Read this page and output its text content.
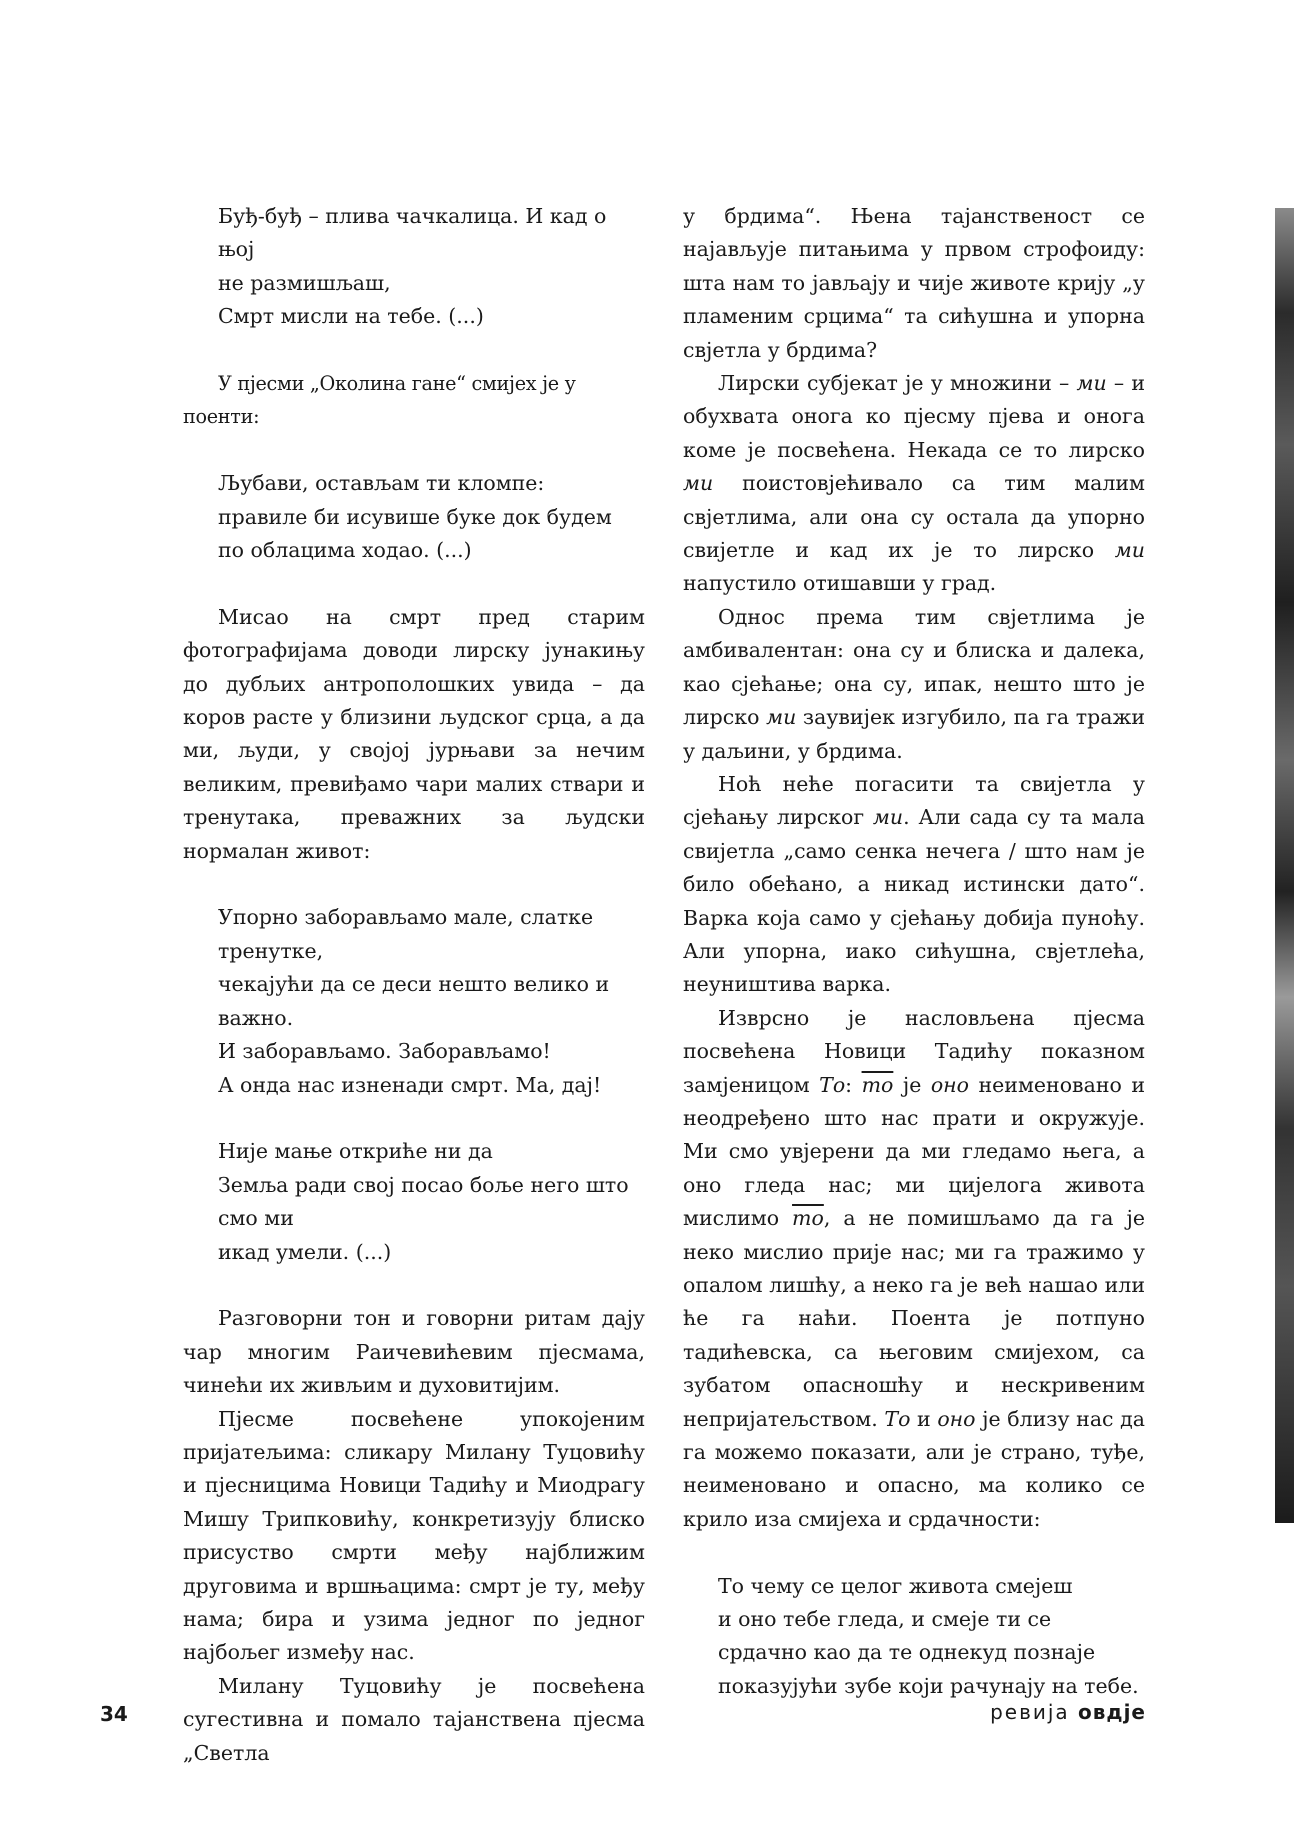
Буђ-буђ – плива чачкалица. И кад о њој
не размишљаш,
Смрт мисли на тебе. (...)
У пјесми „Околина гане“ смијех је у поенти:
Љубави, остављам ти кломпе:
правиле би исувише буке док будем
по облацима ходао. (...)

Мисао на смрт пред старим фотографијама доводи лирску јунакињу до дубљих антрополошких увида – да коров расте у близини људског срца, а да ми, људи, у својој јурњави за нечим великим, превиђамо чари малих ствари и тренутака, преважних за људски нормалан живот:

Упорно заборављамо мале, слатке
тренутке,
чекајући да се деси нешто велико и
важно.
И заборављамо. Заборављамо!
А онда нас изненади смрт. Ма, дај!
Није мање откриће ни да
Земља ради свој посао боље него што
смо ми
икад умели. (...)

Разговорни тон и говорни ритам дају чар многим Раичевићевим пјесмама, чинећи их живљим и духовитијим.

Пјесме посвећене упокојеним пријатељима: сликару Милану Туцовићу и пјесницима Новици Тадићу и Миодрагу Мишу Трипковићу, конкретизују блиско присуство смрти међу најближим друговима и вршњацима: смрт је ту, међу нама; бира и узима једног по једног најбољег између нас.

Милану Туцовићу је посвећена сугестивна и помало тајанствена пјесма „Светла

у брдима“. Њена тајанственост се најављује питањима у првом строфоиду: шта нам то јављају и чије животе крију „у пламеним срцима“ та сићушна и упорна свјетла у брдима?

Лирски субјекат је у множини – ми – и обухвата онога ко пјесму пјева и онога коме је посвећена. Некада се то лирско ми поистовјећивало са тим малим свјетлима, али она су остала да упорно свијетле и кад их је то лирско ми напустило отишавши у град.

Однос према тим свјетлима је амбивалентан: она су и блиска и далека, као сјећање; она су, ипак, нешто што је лирско ми заувијек изгубило, па га тражи у даљини, у брдима.

Ноћ неће погасити та свијетла у сјећању лирског ми. Али сада су та мала свијетла „само сенка нечега / што нам је било обећано, а никад истински дато“. Варка која само у сјећању добија пуноћу. Али упорна, иако сићушна, свјетлећа, неуништива варка.

Изврсно је насловљена пјесма посвећена Новици Тадићу показном замјеницом То: то је оно неименовано и неодређено што нас прати и окружује. Ми смо увјерени да ми гледамо њега, а оно гледа нас; ми цијелога живота мислимо то, а не помишљамо да га је неко мислио прије нас; ми га тражимо у опалом лишћу, а неко га је већ нашао или ће га наћи. Поента је потпуно тадићевска, са његовим смијехом, са зубатом опасношћу и нескривеним непријатељством. То и оно је близу нас да га можемо показати, али је страно, туђе, неименовано и опасно, ма колико се крило иза смијеха и срдачности:

То чему се целог живота смејеш
и оно тебе гледа, и смеје ти се
срдачно као да те однекуд познаје
показујући зубе који рачунају на тебе.
34	ревија овдје
